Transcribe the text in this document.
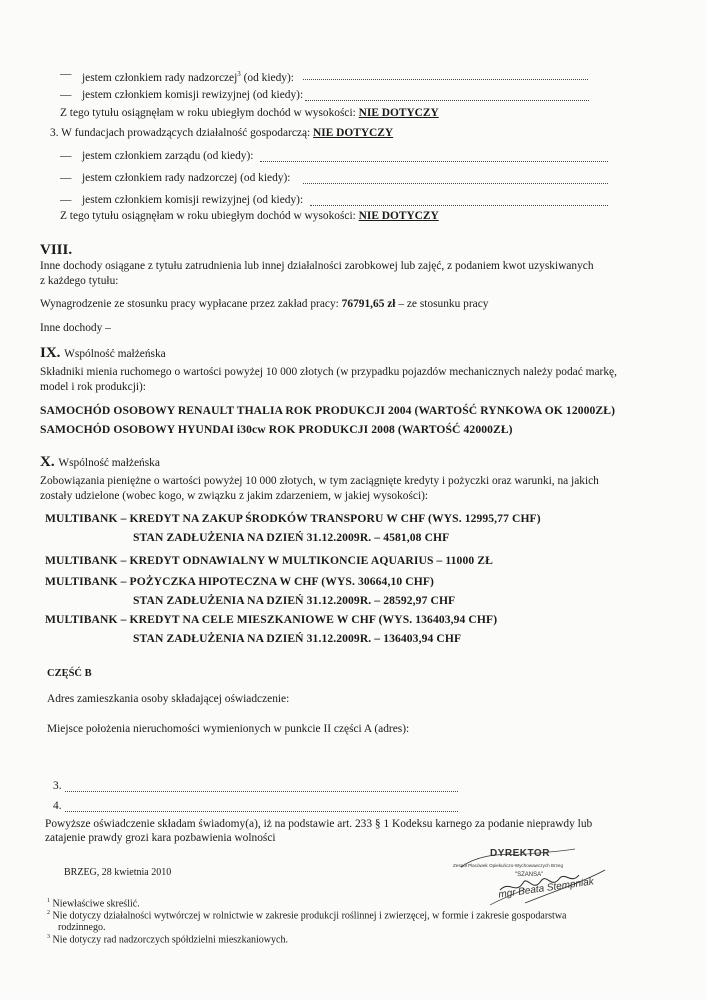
— jestem członkiem rady nadzorczej$^3$ (od kiedy):
— jestem członkiem komisji rewizyjnej (od kiedy):
Z tego tytułu osiągnęłam w roku ubiegłym dochód w wysokości: NIE DOTYCZY
3. W fundacjach prowadzących działalność gospodarczą: NIE DOTYCZY
— jestem członkiem zarządu (od kiedy):
— jestem członkiem rady nadzorczej (od kiedy):
— jestem członkiem komisji rewizyjnej (od kiedy):
Z tego tytułu osiągnęłam w roku ubiegłym dochód w wysokości: NIE DOTYCZY
VIII.
Inne dochody osiągane z tytułu zatrudnienia lub innej działalności zarobkowej lub zajęć, z podaniem kwot uzyskiwanych
z każdego tytułu:
Wynagrodzenie ze stosunku pracy wypłacane przez zakład pracy: 76791,65 zł – ze stosunku pracy
Inne dochody –
IX. Wspólność małżeńska
Składniki mienia ruchomego o wartości powyżej 10 000 złotych (w przypadku pojazdów mechanicznych należy podać markę,
model i rok produkcji):
SAMOCHÓD OSOBOWY RENAULT THALIA ROK PRODUKCJI 2004 (WARTOŚĆ RYNKOWA OK 12000ZŁ)
SAMOCHÓD OSOBOWY HYUNDAI i30cw ROK PRODUKCJI 2008 (WARTOŚĆ 42000ZŁ)
X. Wspólność małżeńska
Zobowiązania pieniężne o wartości powyżej 10 000 złotych, w tym zaciągnięte kredyty i pożyczki oraz warunki, na jakich
zostały udzielone (wobec kogo, w związku z jakim zdarzeniem, w jakiej wysokości):
MULTIBANK – KREDYT NA ZAKUP ŚRODKÓW TRANSPORU W CHF (WYS. 12995,77 CHF)
STAN ZADŁUŻENIA NA DZIEŃ 31.12.2009R. – 4581,08 CHF
MULTIBANK – KREDYT ODNAWIALNY W MULTIKONCIE AQUARIUS – 11000 ZŁ
MULTIBANK – POŻYCZKA HIPOTECZNA W CHF (WYS. 30664,10 CHF)
STAN ZADŁUŻENIA NA DZIEŃ 31.12.2009R. – 28592,97 CHF
MULTIBANK – KREDYT NA CELE MIESZKANIOWE W CHF (WYS. 136403,94 CHF)
STAN ZADŁUŻENIA NA DZIEŃ 31.12.2009R. – 136403,94 CHF
CZĘŚĆ B
Adres zamieszkania osoby składającej oświadczenie:
Miejsce położenia nieruchomości wymienionych w punkcie II części A (adres):
3.
4.
Powyższe oświadczenie składam świadomy(a), iż na podstawie art. 233 § 1 Kodeksu karnego za podanie nieprawdy lub
zatajenie prawdy grozi kara pozbawienia wolności
BRZEG, 28 kwietnia 2010
DYREKTOR
Zespół Placówek Opiekuńczo-Wychowawczych Brzeg
"SZANSA"
mgr Beata Stempniak
$^1$ Niewłaściwe skreślić.
$^2$ Nie dotyczy działalności wytwórczej w rolnictwie w zakresie produkcji roślinnej i zwierzęcej, w formie i zakresie gospodarstwa
rodzinnego.
$^3$ Nie dotyczy rad nadzorczych spółdzielni mieszkaniowych.
